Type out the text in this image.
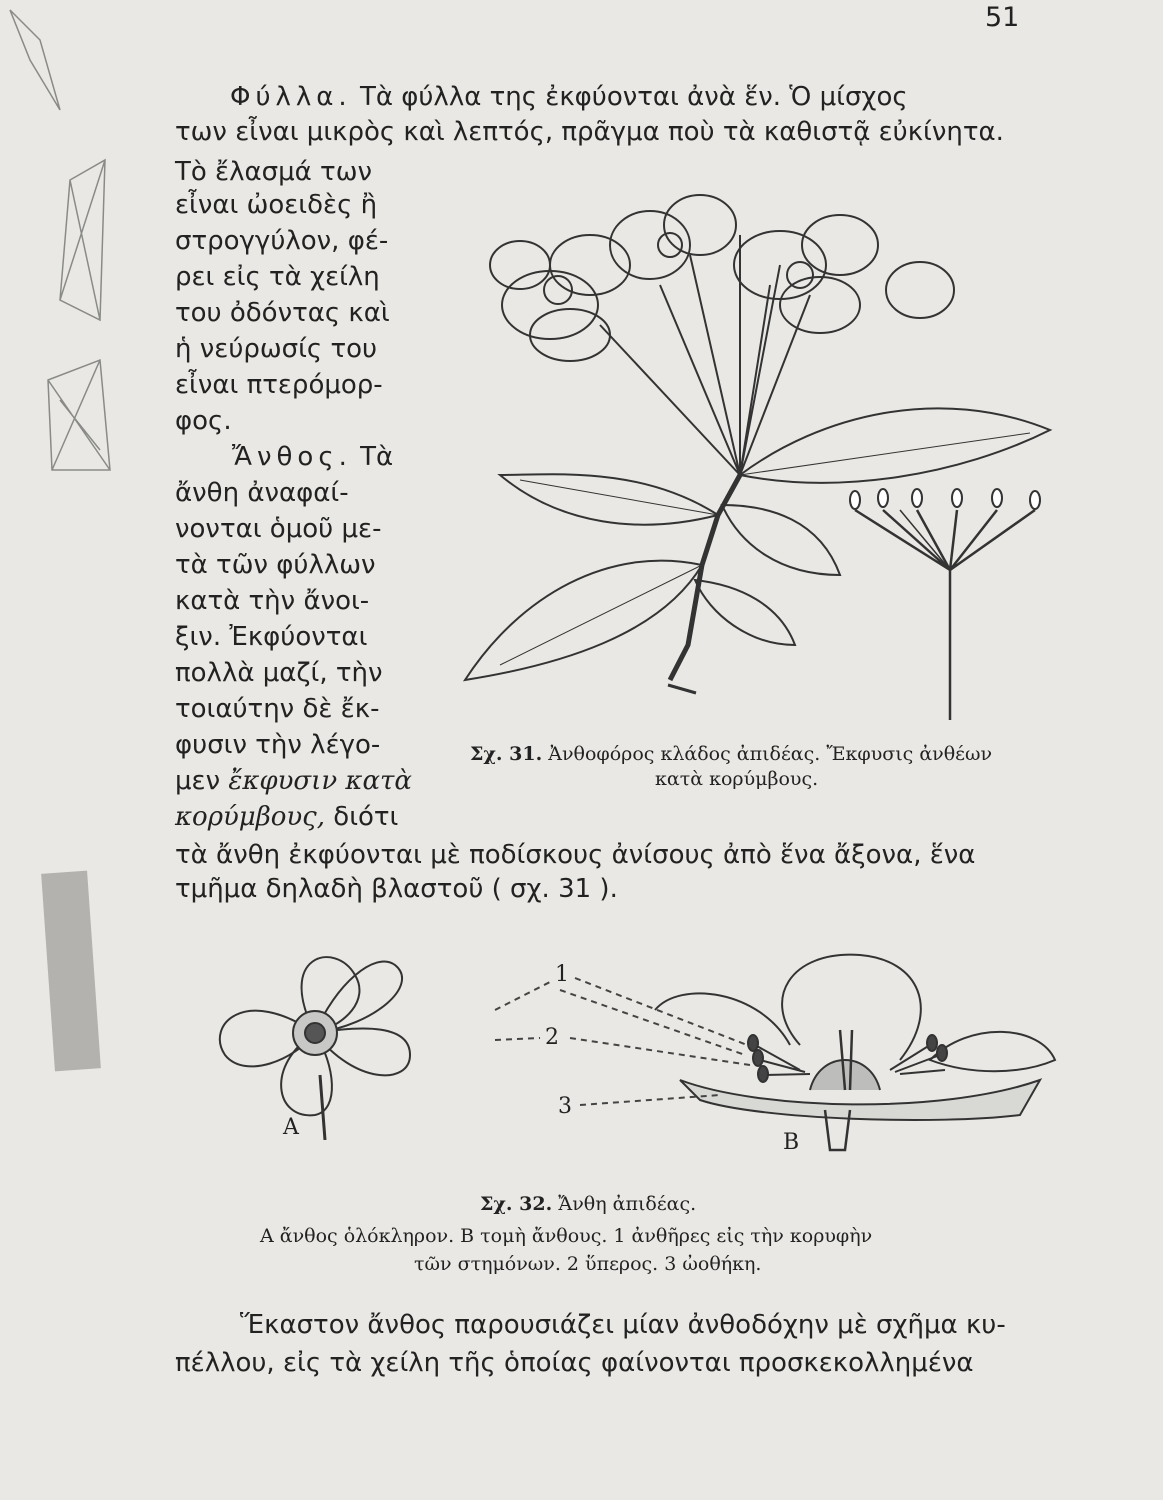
51
Φύλλα. Τὰ φύλλα της ἐκφύονται ἀνὰ ἕν. Ὁ μίσχος
των εἶναι μικρὸς καὶ λεπτός, πρᾶγμα ποὺ τὰ καθιστᾷ εὐκίνητα.
Τὸ ἔλασμά των
εἶναι ὠοειδὲς ἢ
στρογγύλον, φέ-
ρει εἰς τὰ χείλη
του ὀδόντας καὶ
ἡ νεύρωσίς του
εἶναι πτερόμορ-
φος.
Ἄνθος. Τὰ
ἄνθη ἀναφαί-
νονται ὁμοῦ με-
τὰ τῶν φύλλων
κατὰ τὴν ἄνοι-
ξιν. Ἐκφύονται
πολλὰ μαζί, τὴν
τοιαύτην δὲ ἔκ-
φυσιν τὴν λέγο-
μεν ἔκφυσιν κατὰ
κορύμβους, διότι
τὰ ἄνθη ἐκφύονται μὲ ποδίσκους ἀνίσους ἀπὸ ἕνα ἄξονα, ἕνα
τμῆμα δηλαδὴ βλαστοῦ ( σχ. 31 ).
Σχ. 31. Ἀνθοφόρος κλάδος ἀπιδέας. Ἔκφυσις ἀνθέων
κατὰ κορύμβους.
A
B
1
2
3
Σχ. 32. Ἄνθη ἀπιδέας.
Α ἄνθος ὁλόκληρον. Β τομὴ ἄνθους. 1 ἀνθῆρες εἰς τὴν κορυφὴν
τῶν στημόνων. 2 ὕπερος. 3 ὠοθήκη.
Ἕκαστον ἄνθος παρουσιάζει μίαν ἀνθοδόχην μὲ σχῆμα κυ-
πέλλου, εἰς τὰ χείλη τῆς ὁποίας φαίνονται προσκεκολλημένα
